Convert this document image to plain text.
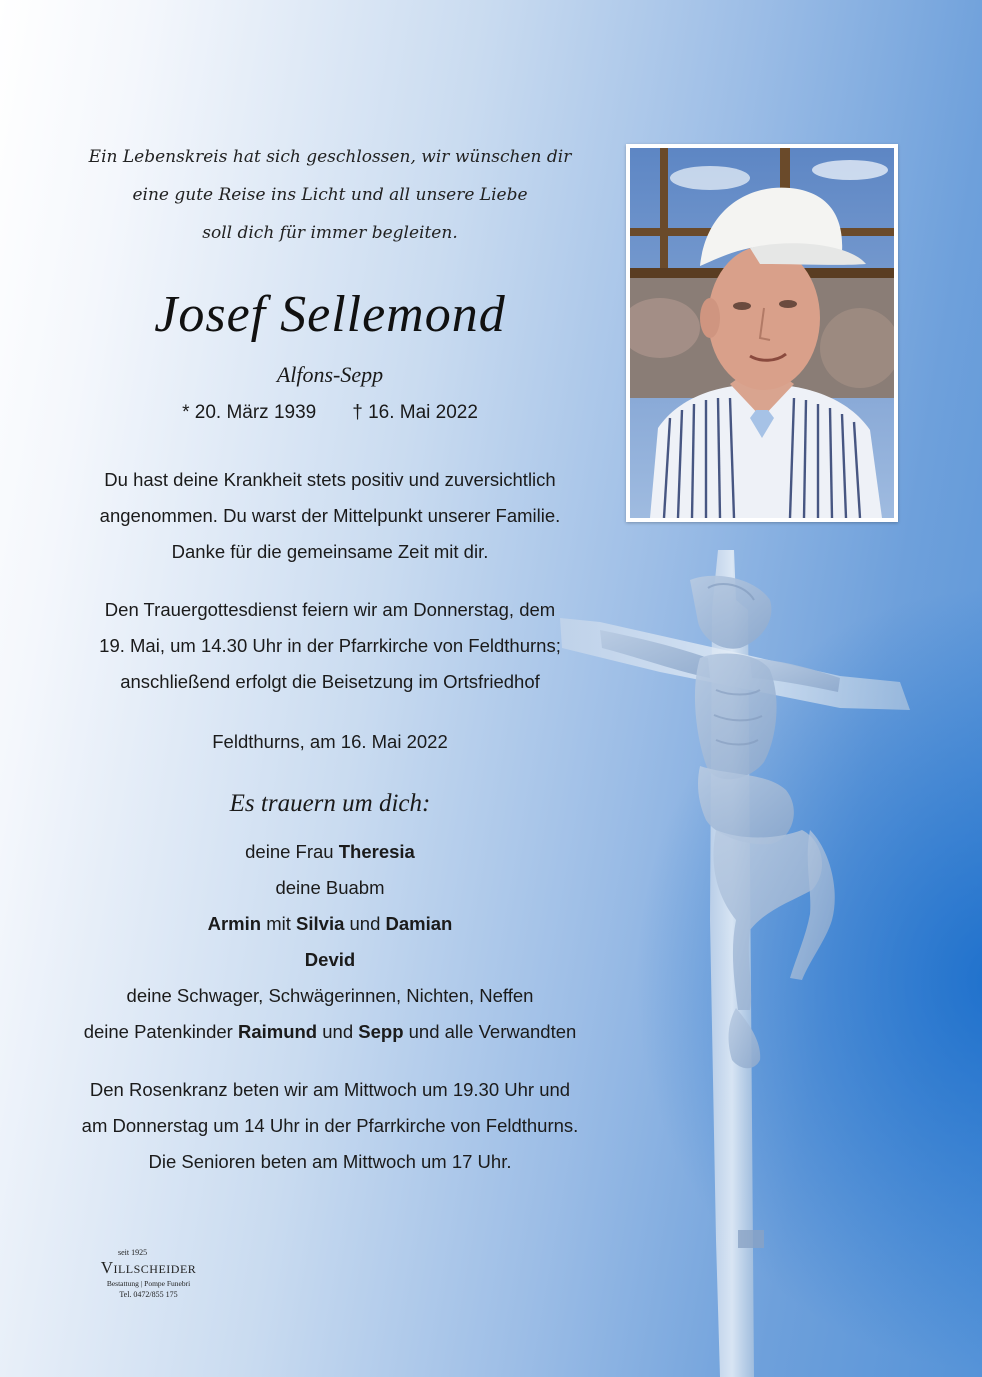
Ein Lebenskreis hat sich geschlossen, wir wünschen dir
eine gute Reise ins Licht und all unsere Liebe
soll dich für immer begleiten.
Josef Sellemond
Alfons-Sepp
* 20. März 1939 † 16. Mai 2022
Du hast deine Krankheit stets positiv und zuversichtlich
angenommen. Du warst der Mittelpunkt unserer Familie.
Danke für die gemeinsame Zeit mit dir.
Den Trauergottesdienst feiern wir am Donnerstag, dem
19. Mai, um 14.30 Uhr in der Pfarrkirche von Feldthurns;
anschließend erfolgt die Beisetzung im Ortsfriedhof
Feldthurns, am 16. Mai 2022
Es trauern um dich:
deine Frau Theresia
deine Buabm
Armin mit Silvia und Damian
Devid
deine Schwager, Schwägerinnen, Nichten, Neffen
deine Patenkinder Raimund und Sepp und alle Verwandten
Den Rosenkranz beten wir am Mittwoch um 19.30 Uhr und
am Donnerstag um 14 Uhr in der Pfarrkirche von Feldthurns.
Die Senioren beten am Mittwoch um 17 Uhr.
seit 1925
Villscheider
Bestattung | Pompe Funebri
Tel. 0472/855 175
